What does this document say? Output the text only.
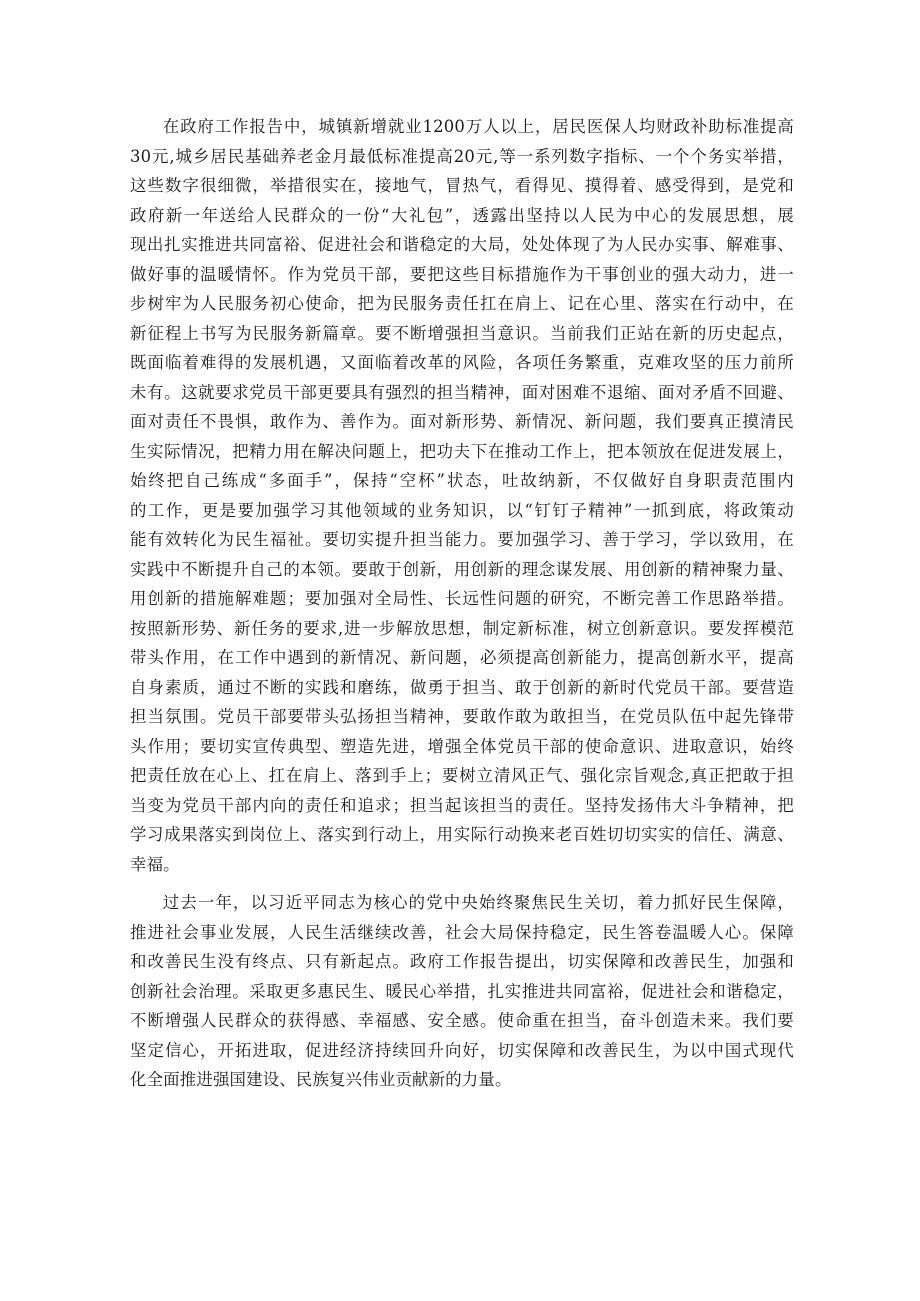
在政府工作报告中，城镇新增就业1200万人以上，居民医保人均财政补助标准提高
30元,城乡居民基础养老金月最低标准提高20元,等一系列数字指标、一个个务实举措，
这些数字很细微，举措很实在，接地气，冒热气，看得见、摸得着、感受得到，是党和
政府新一年送给人民群众的一份“大礼包”，透露出坚持以人民为中心的发展思想，展
现出扎实推进共同富裕、促进社会和谐稳定的大局，处处体现了为人民办实事、解难事、
做好事的温暖情怀。作为党员干部，要把这些目标措施作为干事创业的强大动力，进一
步树牢为人民服务初心使命，把为民服务责任扛在肩上、记在心里、落实在行动中，在
新征程上书写为民服务新篇章。要不断增强担当意识。当前我们正站在新的历史起点，
既面临着难得的发展机遇，又面临着改革的风险，各项任务繁重，克难攻坚的压力前所
未有。这就要求党员干部更要具有强烈的担当精神，面对困难不退缩、面对矛盾不回避、
面对责任不畏惧，敢作为、善作为。面对新形势、新情况、新问题，我们要真正摸清民
生实际情况，把精力用在解决问题上，把功夫下在推动工作上，把本领放在促进发展上，
始终把自己练成“多面手”，保持“空杯”状态，吐故纳新，不仅做好自身职责范围内
的工作，更是要加强学习其他领域的业务知识，以“钉钉子精神”一抓到底，将政策动
能有效转化为民生福祉。要切实提升担当能力。要加强学习、善于学习，学以致用，在
实践中不断提升自己的本领。要敢于创新，用创新的理念谋发展、用创新的精神聚力量、
用创新的措施解难题；要加强对全局性、长远性问题的研究，不断完善工作思路举措。
按照新形势、新任务的要求,进一步解放思想，制定新标准，树立创新意识。要发挥模范
带头作用，在工作中遇到的新情况、新问题，必须提高创新能力，提高创新水平，提高
自身素质，通过不断的实践和磨练，做勇于担当、敢于创新的新时代党员干部。要营造
担当氛围。党员干部要带头弘扬担当精神，要敢作敢为敢担当，在党员队伍中起先锋带
头作用；要切实宣传典型、塑造先进，增强全体党员干部的使命意识、进取意识，始终
把责任放在心上、扛在肩上、落到手上；要树立清风正气、强化宗旨观念,真正把敢于担
当变为党员干部内向的责任和追求；担当起该担当的责任。坚持发扬伟大斗争精神，把
学习成果落实到岗位上、落实到行动上，用实际行动换来老百姓切切实实的信任、满意、
幸福。

过去一年，以习近平同志为核心的党中央始终聚焦民生关切，着力抓好民生保障，
推进社会事业发展，人民生活继续改善，社会大局保持稳定，民生答卷温暖人心。保障
和改善民生没有终点、只有新起点。政府工作报告提出，切实保障和改善民生，加强和
创新社会治理。采取更多惠民生、暖民心举措，扎实推进共同富裕，促进社会和谐稳定，
不断增强人民群众的获得感、幸福感、安全感。使命重在担当，奋斗创造未来。我们要
坚定信心，开拓进取，促进经济持续回升向好，切实保障和改善民生，为以中国式现代
化全面推进强国建设、民族复兴伟业贡献新的力量。
